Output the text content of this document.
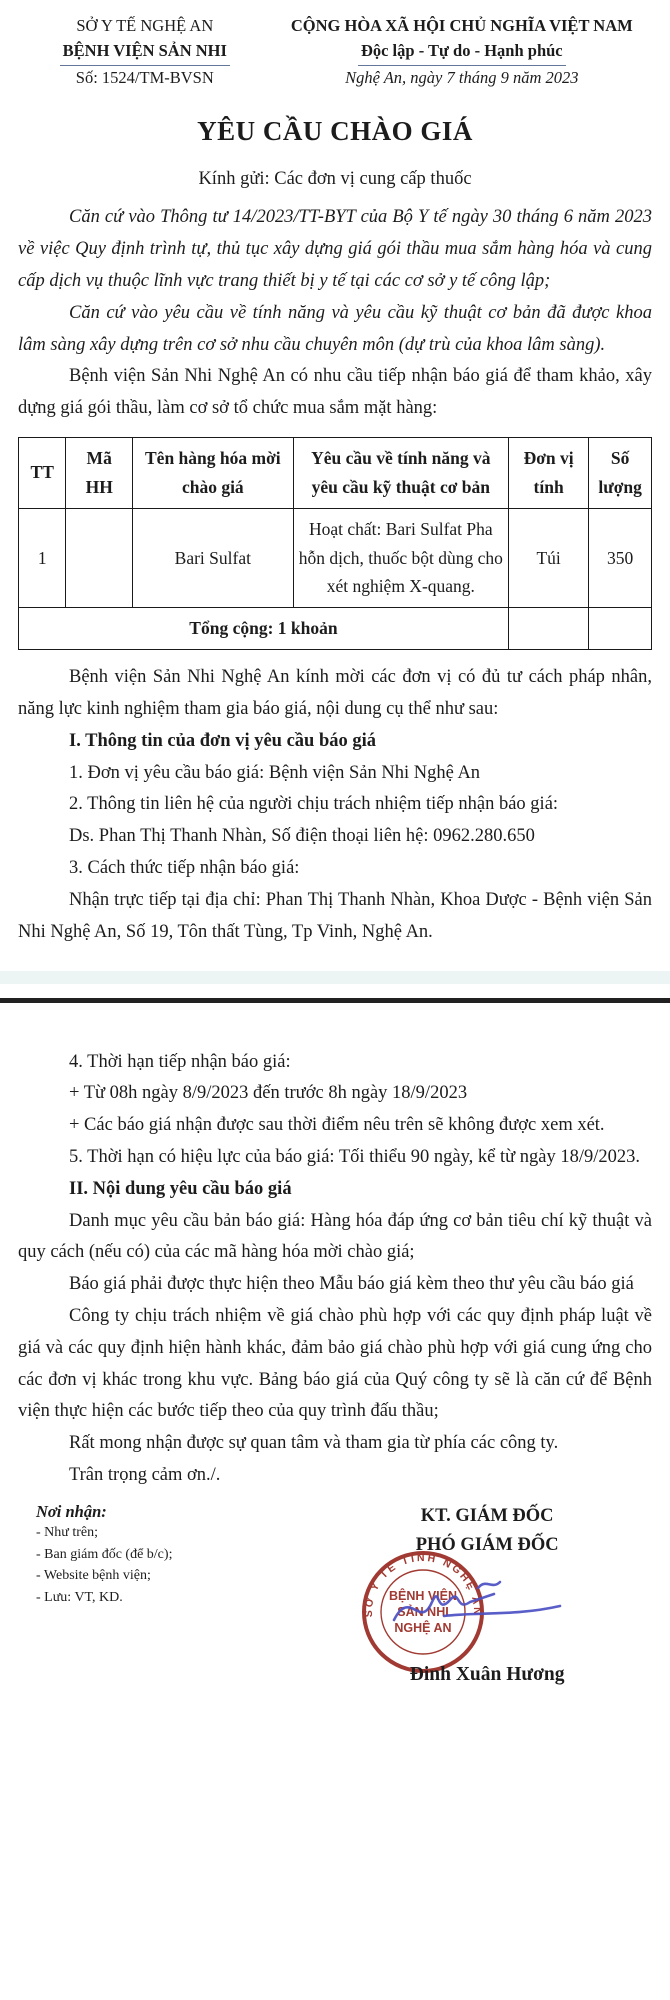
SỞ Y TẾ NGHỆ AN
BỆNH VIỆN SẢN NHI
Số: 1524/TM-BVSN
CỘNG HÒA XÃ HỘI CHỦ NGHĨA VIỆT NAM
Độc lập - Tự do - Hạnh phúc
Nghệ An, ngày 7 tháng 9 năm 2023
YÊU CẦU CHÀO GIÁ
Kính gửi: Các đơn vị cung cấp thuốc

Căn cứ vào Thông tư 14/2023/TT-BYT của Bộ Y tế ngày 30 tháng 6 năm 2023 về việc Quy định trình tự, thủ tục xây dựng giá gói thầu mua sắm hàng hóa và cung cấp dịch vụ thuộc lĩnh vực trang thiết bị y tế tại các cơ sở y tế công lập;

Căn cứ vào yêu cầu về tính năng và yêu cầu kỹ thuật cơ bản đã được khoa lâm sàng xây dựng trên cơ sở nhu cầu chuyên môn (dự trù của khoa lâm sàng).

Bệnh viện Sản Nhi Nghệ An có nhu cầu tiếp nhận báo giá để tham khảo, xây dựng giá gói thầu, làm cơ sở tổ chức mua sắm mặt hàng:

TT	Mã HH	Tên hàng hóa mời chào giá	Yêu cầu về tính năng và yêu cầu kỹ thuật cơ bản	Đơn vị tính	Số lượng
1		Bari Sulfat	Hoạt chất: Bari Sulfat Pha hỗn dịch, thuốc bột dùng cho xét nghiệm X-quang.	Túi	350
Tổng cộng: 1 khoản					

Bệnh viện Sản Nhi Nghệ An kính mời các đơn vị có đủ tư cách pháp nhân, năng lực kinh nghiệm tham gia báo giá, nội dung cụ thể như sau:

I. Thông tin của đơn vị yêu cầu báo giá

1. Đơn vị yêu cầu báo giá: Bệnh viện Sản Nhi Nghệ An

2. Thông tin liên hệ của người chịu trách nhiệm tiếp nhận báo giá:

Ds. Phan Thị Thanh Nhàn, Số điện thoại liên hệ: 0962.280.650

3. Cách thức tiếp nhận báo giá:

Nhận trực tiếp tại địa chỉ: Phan Thị Thanh Nhàn, Khoa Dược - Bệnh viện Sản Nhi Nghệ An, Số 19, Tôn thất Tùng, Tp Vinh, Nghệ An.

4. Thời hạn tiếp nhận báo giá:

+ Từ 08h ngày 8/9/2023 đến trước 8h ngày 18/9/2023

+ Các báo giá nhận được sau thời điểm nêu trên sẽ không được xem xét.

5. Thời hạn có hiệu lực của báo giá: Tối thiểu 90 ngày, kể từ ngày 18/9/2023.

II. Nội dung yêu cầu báo giá

Danh mục yêu cầu bản báo giá: Hàng hóa đáp ứng cơ bản tiêu chí kỹ thuật và quy cách (nếu có) của các mã hàng hóa mời chào giá;

Báo giá phải được thực hiện theo Mẫu báo giá kèm theo thư yêu cầu báo giá

Công ty chịu trách nhiệm về giá chào phù hợp với các quy định pháp luật về giá và các quy định hiện hành khác, đảm bảo giá chào phù hợp với giá cung ứng cho các đơn vị khác trong khu vực. Bảng báo giá của Quý công ty sẽ là căn cứ để Bệnh viện thực hiện các bước tiếp theo của quy trình đấu thầu;

Rất mong nhận được sự quan tâm và tham gia từ phía các công ty.

Trân trọng cảm ơn./.

Nơi nhận:
- Như trên;
- Ban giám đốc (để b/c);
- Website bệnh viện;
- Lưu: VT, KD.
KT. GIÁM ĐỐC
PHÓ GIÁM ĐỐC
SỞ Y TẾ TỈNH NGHỆ AN
BỆNH VIỆN
SẢN NHI
NGHỆ AN
Đinh Xuân Hương
